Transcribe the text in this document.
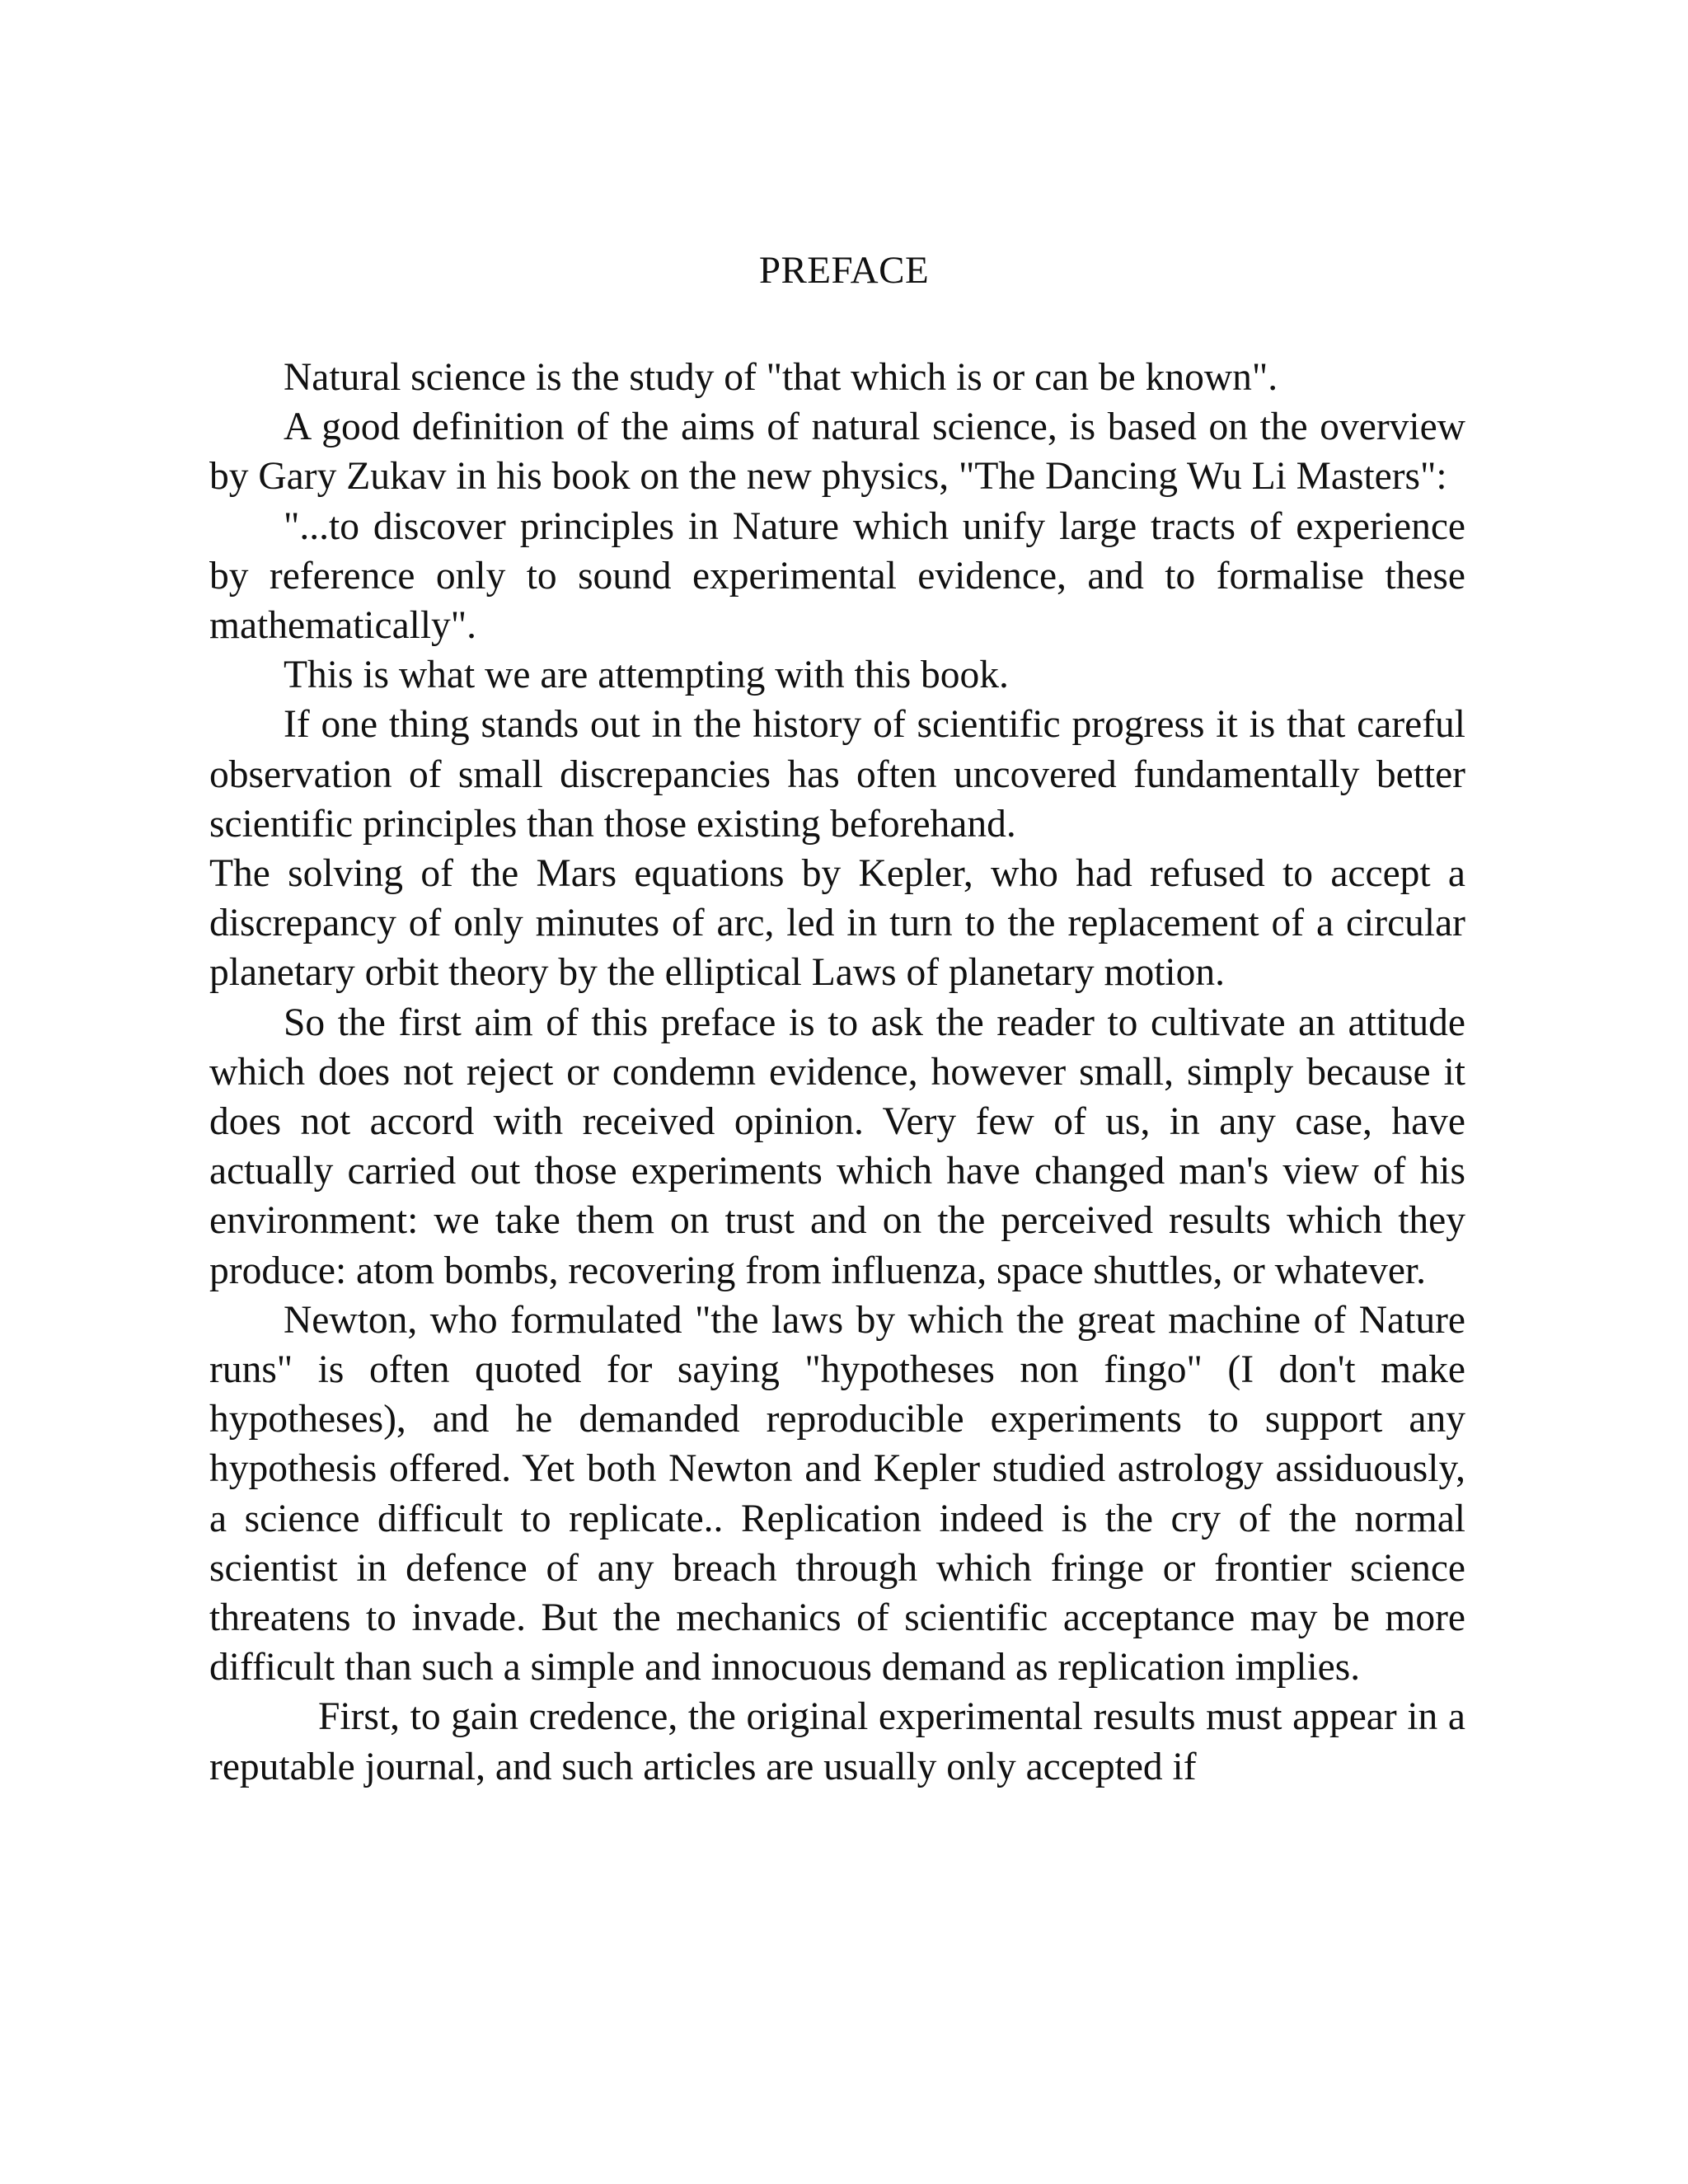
PREFACE

Natural science is the study of "that which is or can be known".

A good definition of the aims of natural science, is based on the overview by Gary Zukav in his book on the new physics, "The Dancing Wu Li Masters":

"...to discover principles in Nature which unify large tracts of experience by reference only to sound experimental evidence, and to formalise these mathematically".

This is what we are attempting with this book.

If one thing stands out in the history of scientific progress it is that careful observation of small discrepancies has often uncovered fundamentally better scientific principles than those existing beforehand.

The solving of the Mars equations by Kepler, who had refused to accept a discrepancy of only minutes of arc, led in turn to the replacement of a circular planetary orbit theory by the elliptical Laws of planetary motion.

So the first aim of this preface is to ask the reader to cultivate an attitude which does not reject or condemn evidence, however small, simply because it does not accord with received opinion. Very few of us, in any case, have actually carried out those experiments which have changed man's view of his environment: we take them on trust and on the perceived results which they produce: atom bombs, recovering from influenza, space shuttles, or whatever.

Newton, who formulated "the laws by which the great machine of Nature runs" is often quoted for saying "hypotheses non fingo" (I don't make hypotheses), and he demanded reproducible experiments to support any hypothesis offered. Yet both Newton and Kepler studied astrology assiduously, a science difficult to replicate.. Replication indeed is the cry of the normal scientist in defence of any breach through which fringe or frontier science threatens to invade. But the mechanics of scientific acceptance may be more difficult than such a simple and innocuous demand as replication implies.

First, to gain credence, the original experimental results must appear in a reputable journal, and such articles are usually only accepted if
